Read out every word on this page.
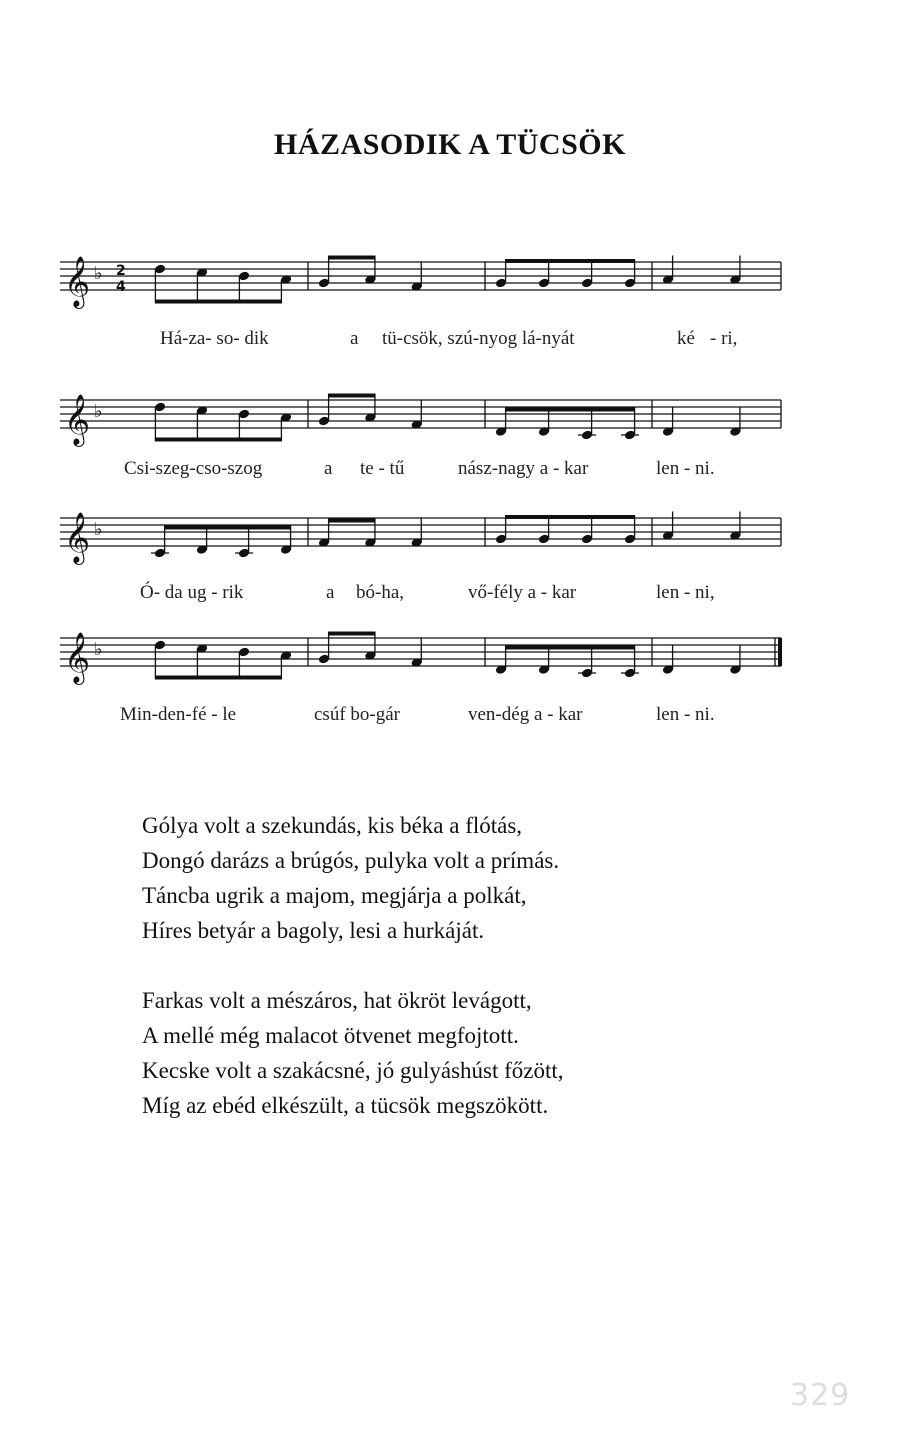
HÁZASODIK A TÜCSÖK
𝄞 ♭ 2
4
Há-za- so- dik	a tü-csök, szú-nyog lá-nyát	ké - ri,
𝄞 ♭
Csi-szeg-cso-szog	a te - tű	nász-nagy a - kar	len - ni.
𝄞 ♭
Ó- da ug - rik	a bó-ha,	vő-fély a - kar	len - ni,
𝄞 ♭
Min-den-fé - le	csúf bo-gár	ven-dég a - kar	len - ni.
Gólya volt a szekundás, kis béka a flótás,
Dongó darázs a brúgós, pulyka volt a prímás.
Táncba ugrik a majom, megjárja a polkát,
Híres betyár a bagoly, lesi a hurkáját.
Farkas volt a mészáros, hat ökröt levágott,
A mellé még malacot ötvenet megfojtott.
Kecske volt a szakácsné, jó gulyáshúst főzött,
Míg az ebéd elkészült, a tücsök megszökött.
329
